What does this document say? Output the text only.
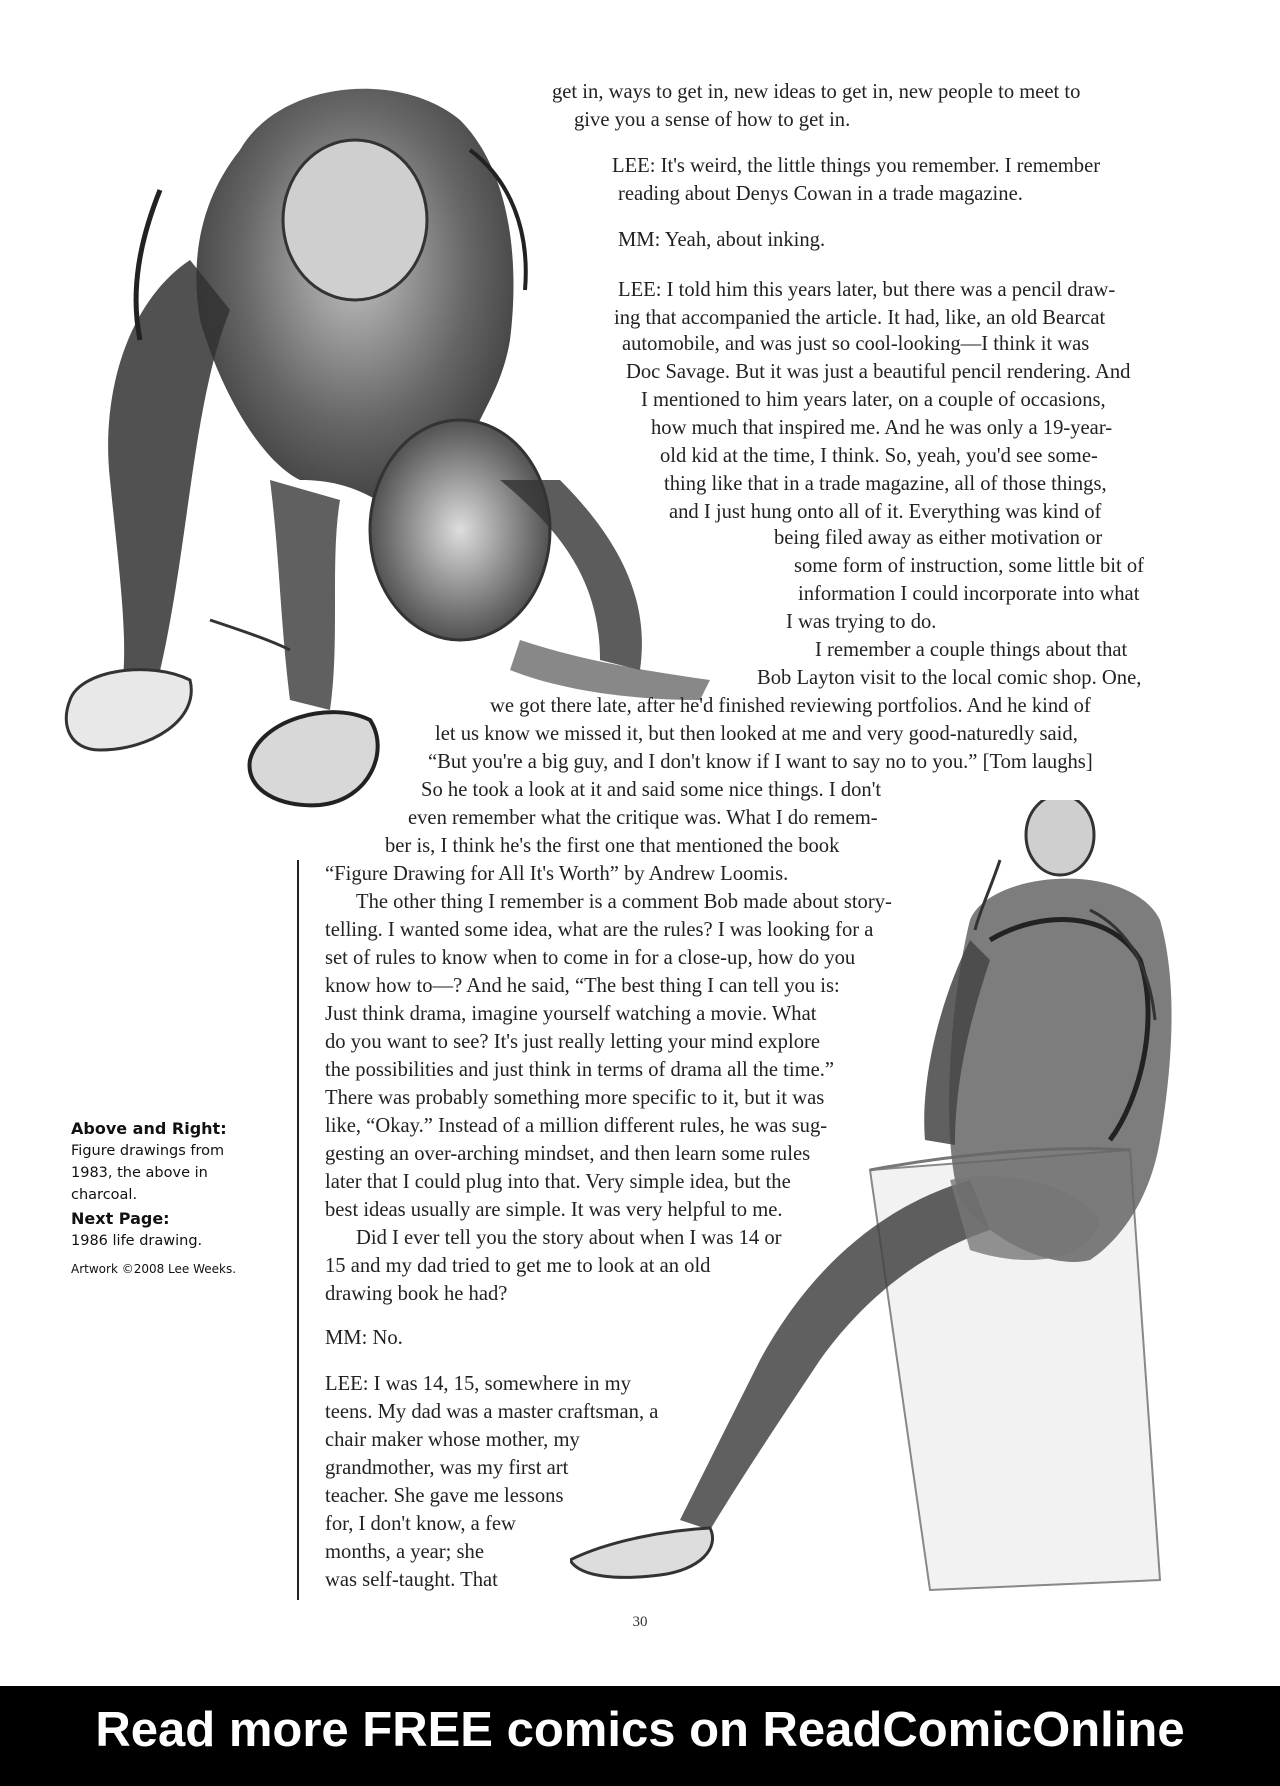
get in, ways to get in, new ideas to get in, new people to meet to
give you a sense of how to get in.
LEE: It's weird, the little things you remember. I remember
reading about Denys Cowan in a trade magazine.
MM: Yeah, about inking.
LEE: I told him this years later, but there was a pencil draw-
ing that accompanied the article. It had, like, an old Bearcat
automobile, and was just so cool-looking—I think it was
Doc Savage. But it was just a beautiful pencil rendering. And
I mentioned to him years later, on a couple of occasions,
how much that inspired me. And he was only a 19-year-
old kid at the time, I think. So, yeah, you'd see some-
thing like that in a trade magazine, all of those things,
and I just hung onto all of it. Everything was kind of
being filed away as either motivation or
some form of instruction, some little bit of
information I could incorporate into what
I was trying to do.
I remember a couple things about that
Bob Layton visit to the local comic shop. One,
we got there late, after he'd finished reviewing portfolios. And he kind of
let us know we missed it, but then looked at me and very good-naturedly said,
“But you're a big guy, and I don't know if I want to say no to you.” [Tom laughs]
So he took a look at it and said some nice things. I don't
even remember what the critique was. What I do remem-
ber is, I think he's the first one that mentioned the book
“Figure Drawing for All It's Worth” by Andrew Loomis.
The other thing I remember is a comment Bob made about story-
telling. I wanted some idea, what are the rules? I was looking for a
set of rules to know when to come in for a close-up, how do you
know how to—? And he said, “The best thing I can tell you is:
Just think drama, imagine yourself watching a movie. What
do you want to see? It's just really letting your mind explore
the possibilities and just think in terms of drama all the time.”
There was probably something more specific to it, but it was
like, “Okay.” Instead of a million different rules, he was sug-
gesting an over-arching mindset, and then learn some rules
later that I could plug into that. Very simple idea, but the
best ideas usually are simple. It was very helpful to me.
Did I ever tell you the story about when I was 14 or
15 and my dad tried to get me to look at an old
drawing book he had?
MM: No.
LEE: I was 14, 15, somewhere in my
teens. My dad was a master craftsman, a
chair maker whose mother, my
grandmother, was my first art
teacher. She gave me lessons
for, I don't know, a few
months, a year; she
was self-taught. That
Above and Right:
Figure drawings from 1983, the above in charcoal.
Next Page:
1986 life drawing.
Artwork ©2008 Lee Weeks.
30
Read more FREE comics on ReadComicOnline
